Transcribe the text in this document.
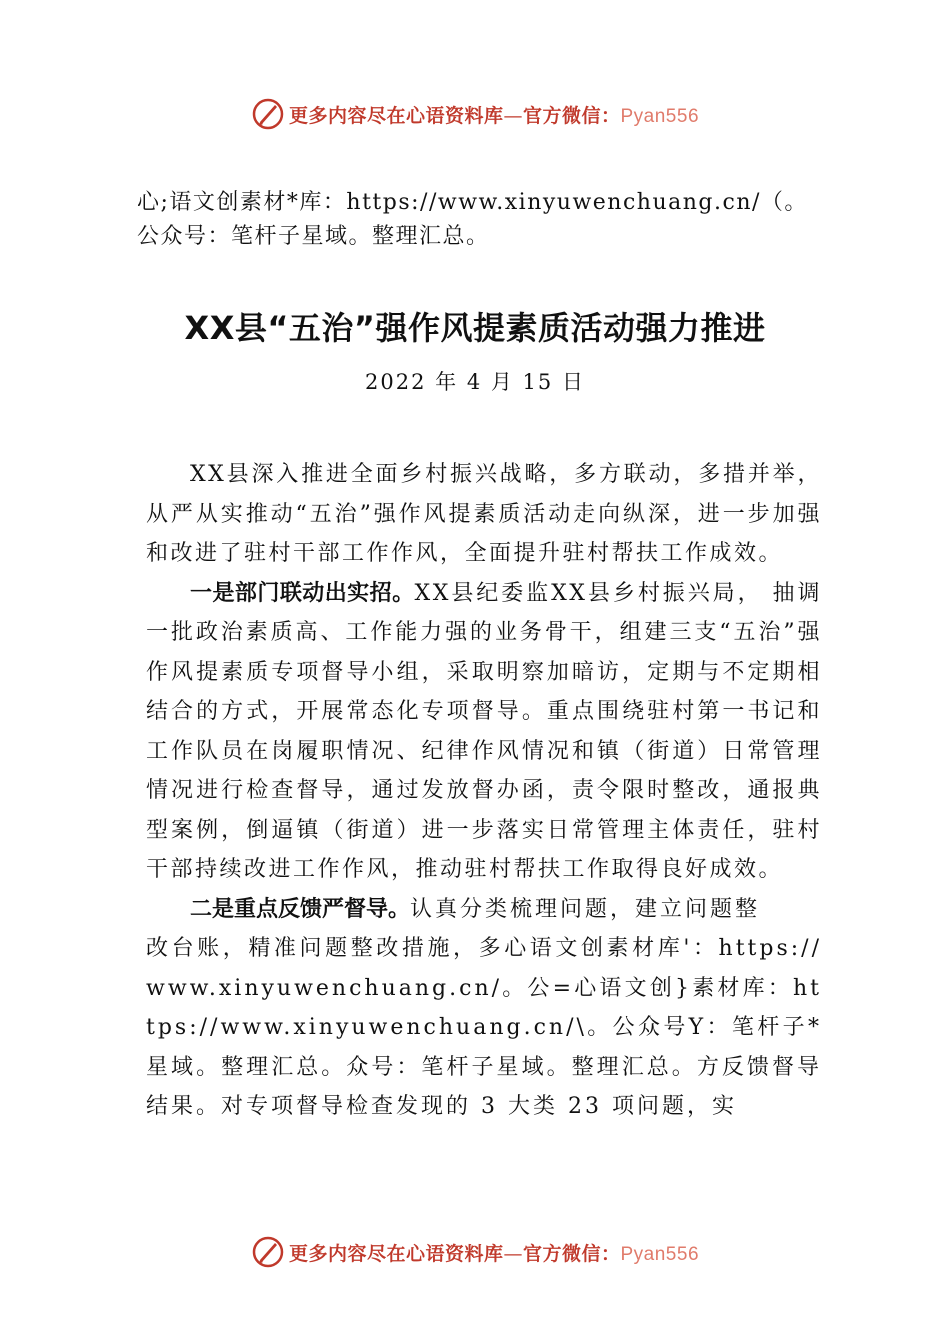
更多内容尽在心语资料库—官方微信：Pyan556
心;语文创素材*库：https://www.xinyuwenchuang.cn/（。公众号：笔杆子星域。整理汇总。
XX县“五治”强作风提素质活动强力推进
2022 年 4 月 15 日

XX县深入推进全面乡村振兴战略，多方联动，多措并举，从严从实推动“五治”强作风提素质活动走向纵深，进一步加强和改进了驻村干部工作作风，全面提升驻村帮扶工作成效。

一是部门联动出实招。XX县纪委监XX县乡村振兴局， 抽调一批政治素质高、工作能力强的业务骨干，组建三支“五治”强作风提素质专项督导小组，采取明察加暗访，定期与不定期相结合的方式，开展常态化专项督导。重点围绕驻村第一书记和工作队员在岗履职情况、纪律作风情况和镇（街道）日常管理情况进行检查督导，通过发放督办函，责令限时整改，通报典型案例，倒逼镇（街道）进一步落实日常管理主体责任，驻村干部持续改进工作作风，推动驻村帮扶工作取得良好成效。

二是重点反馈严督导。认真分类梳理问题，建立问题整
改台账，精准问题整改措施，多心语文创素材库'：https://www.xinyuwenchuang.cn/。公=心语文创}素材库：https://www.xinyuwenchuang.cn/\。公众号Y：笔杆子*星域。整理汇总。众号：笔杆子星域。整理汇总。方反馈督导结果。对专项督导检查发现的 3 大类 23 项问题，实

更多内容尽在心语资料库—官方微信：Pyan556
